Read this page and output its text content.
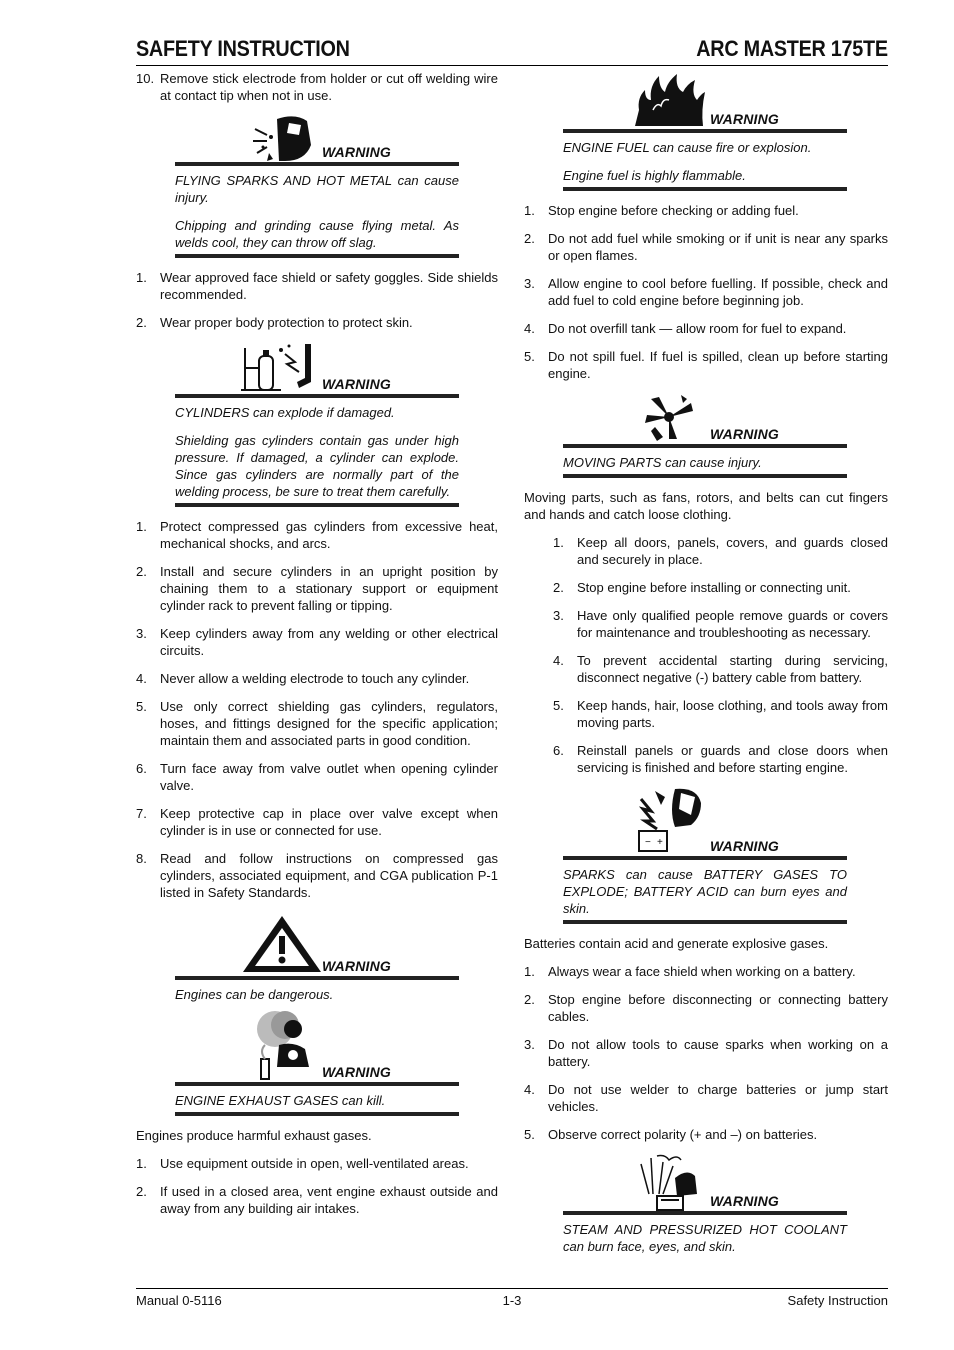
SAFETY INSTRUCTION	ARC MASTER 175TE
10. Remove stick electrode from holder or cut off welding wire at contact tip when not in use.
WARNING

FLYING SPARKS AND HOT METAL can cause injury.

Chipping and grinding cause flying metal. As welds cool, they can throw off slag.

1. Wear approved face shield or safety goggles. Side shields recommended.
2. Wear proper body protection to protect skin.
WARNING

CYLINDERS can explode if damaged.

Shielding gas cylinders contain gas under high pressure. If damaged, a cylinder can explode. Since gas cylinders are normally part of the welding process, be sure to treat them carefully.

1. Protect compressed gas cylinders from excessive heat, mechanical shocks, and arcs.
2. Install and secure cylinders in an upright position by chaining them to a stationary support or equipment cylinder rack to prevent falling or tipping.
3. Keep cylinders away from any welding or other electrical circuits.
4. Never allow a welding electrode to touch any cylinder.
5. Use only correct shielding gas cylinders, regulators, hoses, and fittings designed for the specific application; maintain them and associated parts in good condition.
6. Turn face away from valve outlet when opening cylinder valve.
7. Keep protective cap in place over valve except when cylinder is in use or connected for use.
8. Read and follow instructions on compressed gas cylinders, associated equipment, and CGA publication P-1 listed in Safety Standards.
WARNING

Engines can be dangerous.

WARNING

ENGINE EXHAUST GASES can kill.

Engines produce harmful exhaust gases.
1. Use equipment outside in open, well-ventilated areas.
2. If used in a closed area, vent engine exhaust outside and away from any building air intakes.
WARNING

ENGINE FUEL can cause fire or explosion.

Engine fuel is highly flammable.

1. Stop engine before checking or adding fuel.
2. Do not add fuel while smoking or if unit is near any sparks or open flames.
3. Allow engine to cool before fuelling. If possible, check and add fuel to cold engine before beginning job.
4. Do not overfill tank — allow room for fuel to expand.
5. Do not spill fuel. If fuel is spilled, clean up before starting engine.
WARNING

MOVING PARTS can cause injury.

Moving parts, such as fans, rotors, and belts can cut fingers and hands and catch loose clothing.
1. Keep all doors, panels, covers, and guards closed and securely in place.
2. Stop engine before installing or connecting unit.
3. Have only qualified people remove guards or covers for maintenance and troubleshooting as necessary.
4. To prevent accidental starting during servicing, disconnect negative (-) battery cable from battery.
5. Keep hands, hair, loose clothing, and tools away from moving parts.
6. Reinstall panels or guards and close doors when servicing is finished and before starting engine.
− +	WARNING

SPARKS can cause BATTERY GASES TO EXPLODE; BATTERY ACID can burn eyes and skin.

Batteries contain acid and generate explosive gases.
1. Always wear a face shield when working on a battery.
2. Stop engine before disconnecting or connecting battery cables.
3. Do not allow tools to cause sparks when working on a battery.
4. Do not use welder to charge batteries or jump start vehicles.
5. Observe correct polarity (+ and –) on batteries.
WARNING

STEAM AND PRESSURIZED HOT COOLANT can burn face, eyes, and skin.

Manual 0-5116	1-3	Safety Instruction
